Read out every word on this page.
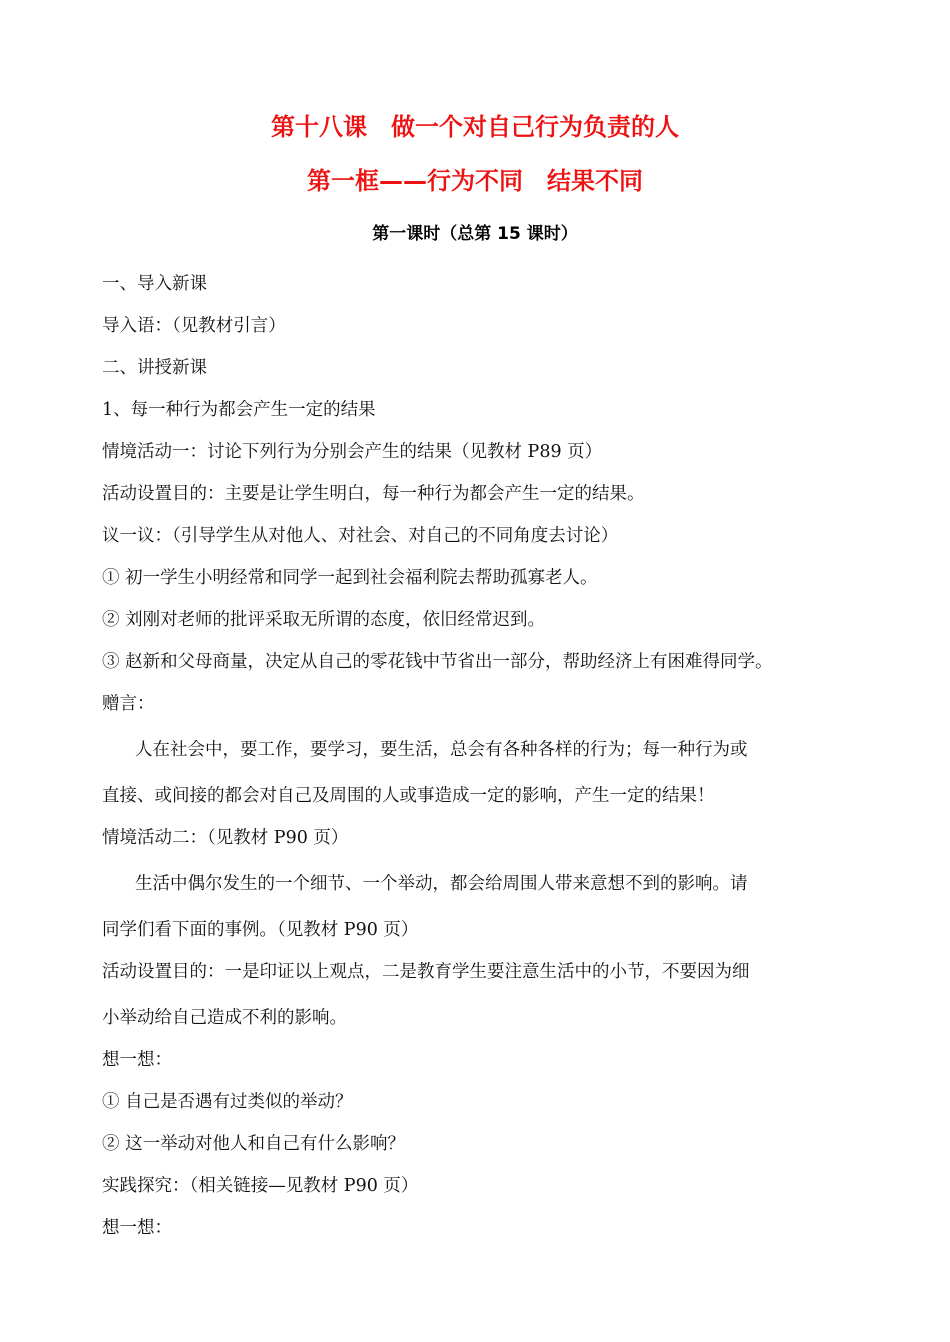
第十八课　做一个对自己行为负责的人
第一框——行为不同　结果不同
第一课时（总第 15 课时）
一、导入新课
导入语：（见教材引言）
二、讲授新课
1、每一种行为都会产生一定的结果
情境活动一：讨论下列行为分别会产生的结果（见教材 P89 页）
活动设置目的：主要是让学生明白，每一种行为都会产生一定的结果。
议一议：（引导学生从对他人、对社会、对自己的不同角度去讨论）
① 初一学生小明经常和同学一起到社会福利院去帮助孤寡老人。
② 刘刚对老师的批评采取无所谓的态度，依旧经常迟到。
③ 赵新和父母商量，决定从自己的零花钱中节省出一部分，帮助经济上有困难得同学。
赠言：
人在社会中，要工作，要学习，要生活，总会有各种各样的行为；每一种行为或
直接、或间接的都会对自己及周围的人或事造成一定的影响，产生一定的结果！
情境活动二：（见教材 P90 页）
生活中偶尔发生的一个细节、一个举动，都会给周围人带来意想不到的影响。请
同学们看下面的事例。（见教材 P90 页）
活动设置目的：一是印证以上观点，二是教育学生要注意生活中的小节，不要因为细
小举动给自己造成不利的影响。
想一想：
① 自己是否遇有过类似的举动？
② 这一举动对他人和自己有什么影响？
实践探究：（相关链接—见教材 P90 页）
想一想：
